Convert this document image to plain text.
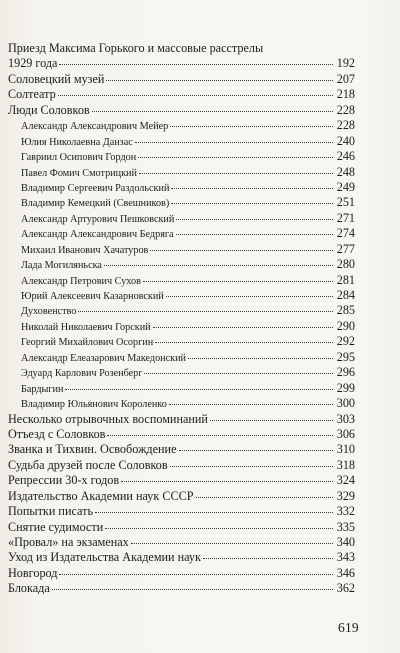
Приезд Максима Горького и массовые расстрелы
1929 года	192
Соловецкий музей	207
Солтеатр	218
Люди Соловков	228
Александр Александрович Мейер	228
Юлия Николаевна Данзас	240
Гавриил Осипович Гордон	246
Павел Фомич Смотрицкий	248
Владимир Сергеевич Раздольский	249
Владимир Кемецкий (Свешников)	251
Александр Артурович Пешковский	271
Александр Александрович Бедряга	274
Михаил Иванович Хачатуров	277
Лада Могиляньска	280
Александр Петрович Сухов	281
Юрий Алексеевич Казарновский	284
Духовенство	285
Николай Николаевич Горский	290
Георгий Михайлович Осоргин	292
Александр Елеазарович Македонский	295
Эдуард Карлович Розенберг	296
Бардыгин	299
Владимир Юльянович Короленко	300
Несколько отрывочных воспоминаний	303
Отъезд с Соловков	306
Званка и Тихвин. Освобождение	310
Судьба друзей после Соловков	318
Репрессии 30-х годов	324
Издательство Академии наук СССР	329
Попытки писать	332
Снятие судимости	335
«Провал» на экзаменах	340
Уход из Издательства Академии наук	343
Новгород	346
Блокада	362
619
